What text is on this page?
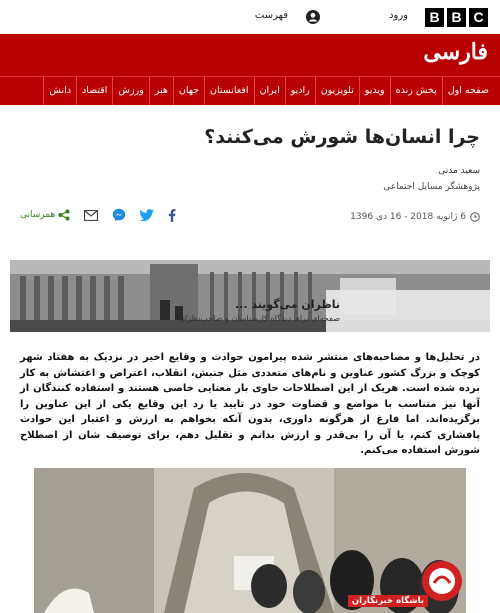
B B C
ورود
فهرست
فارسی
صفحه اول
پخش زنده
ویدیو
تلویزیون
رادیو
ایران
افغانستان
جهان
هنر
ورزش
اقتصاد
دانش
چرا انسان‌ها شورش می‌کنند؟
سعید مدنی
پژوهشگر مسایل اجتماعی
6 ژانویه 2018 - 16 دی 1396
همرسانی
ناظران می‌گویند ...
صفحه‌ای برای دیدگاه کارشناسان و صاحب‌نظران
در تحلیل‌ها و مصاحبه‌های منتشر شده پیرامون حوادث و وقایع اخیر در نزدیک به هفتاد شهر کوچک و بزرگ کشور عناوین و نام‌های متعددی مثل جنبش، انقلاب، اعتراض و اغتشاش به کار برده شده است. هریک از این اصطلاحات حاوی بار معنایی خاصی هستند و استفاده کنندگان از آنها نیز متناسب با مواضع و قضاوت خود در تایید یا رد این وقایع یکی از این عناوین را برگزیده‌اند. اما فارغ از هرگونه داوری، بدون آنکه بخواهم به ارزش و اعتبار این حوادث پافشاری کنم، یا آن را بی‌قدر و ارزش بدانم و تقلیل دهم، برای توصیف شان از اصطلاح شورش استفاده می‌کنم.
باشگاه خبرنگاران
